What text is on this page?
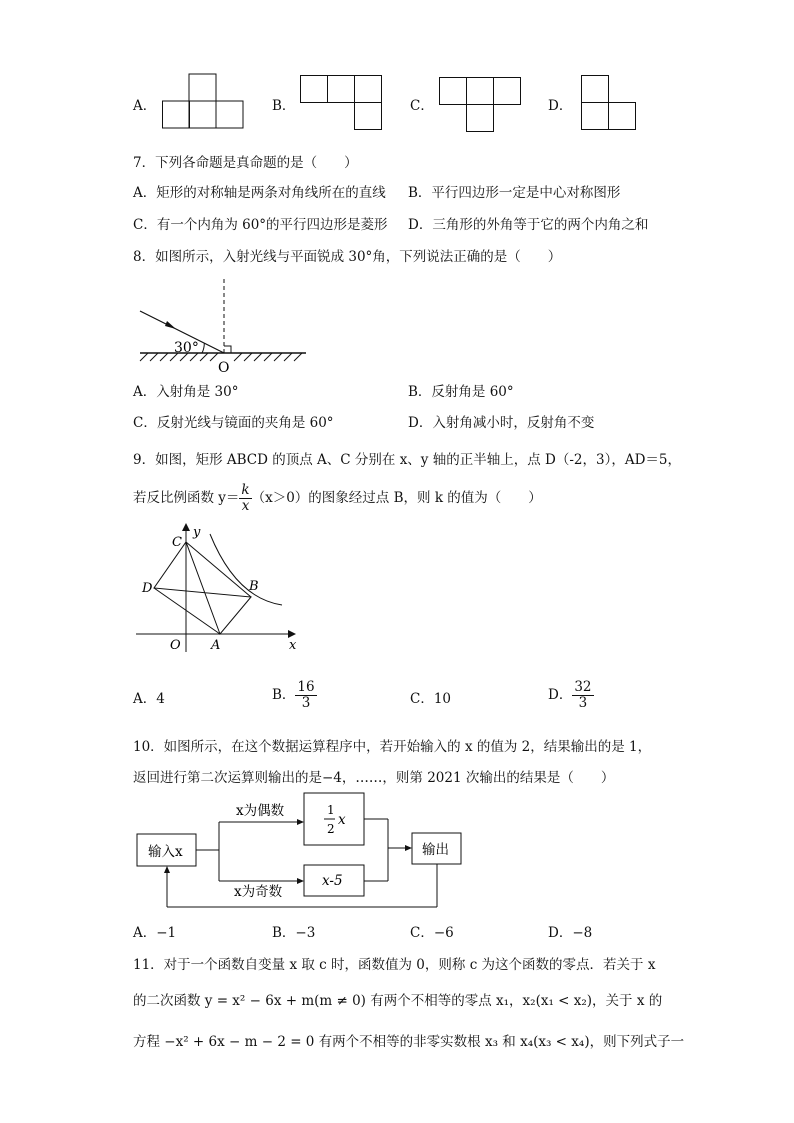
A．	B．	C．	D．
7．下列各命题是真命题的是（　　）
A．矩形的对称轴是两条对角线所在的直线 B．平行四边形一定是中心对称图形
C．有一个内角为 60°的平行四边形是菱形 D．三角形的外角等于它的两个内角之和
8．如图所示，入射光线与平面锐成 30°角，下列说法正确的是（　　）
30°
O
A．入射角是 30°	B．反射角是 60°
C．反射光线与镜面的夹角是 60°	D．入射角减小时，反射角不变
9．如图，矩形 ABCD 的顶点 A、C 分别在 x、y 轴的正半轴上，点 D（-2，3），AD＝5，
若反比例函数 $y= \frac{k}{x} (x>0)$的图象经过点 B，则 k 的值为（　　）
C
y
D	B
O A	x
A．4	B． $\frac{16}{3}$	C．10	D． $\frac{32}{3}$
10．如图所示，在这个数据运算程序中，若开始输入的 x 的值为 2，结果输出的是 1，
返回进行第二次运算则输出的是−4，……，则第 2021 次输出的结果是（　　）
输入x
x为偶数
x为奇数
1
2
x
x-5
输出
A．−1	B．−3	C．−6	D．−8
11．对于一个函数自变量 x 取 c 时，函数值为 0，则称 c 为这个函数的零点．若关于 x
的二次函数 y = x² − 6x + m(m ≠ 0) 有两个不相等的零点 x₁，x₂(x₁ < x₂)，关于 x 的
方程 −x² + 6x − m − 2 = 0 有两个不相等的非零实数根 x₃ 和 x₄(x₃ < x₄)，则下列式子一
